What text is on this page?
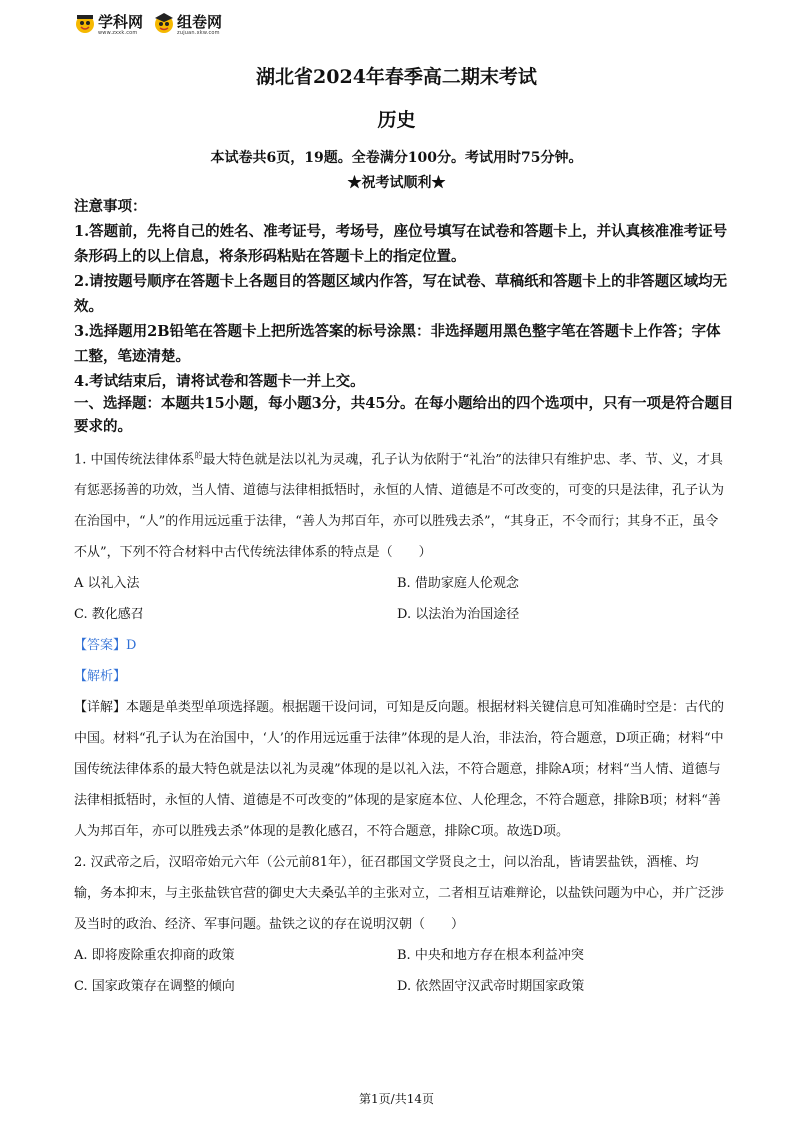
学科网
www.zxxk.com
组卷网
zujuan.xkw.com
湖北省2024年春季高二期末考试
历史
本试卷共6页，19题。全卷满分100分。考试用时75分钟。
★祝考试顺利★

注意事项：

1.答题前，先将自己的姓名、准考证号，考场号，座位号填写在试卷和答题卡上，并认真核准准考证号条形码上的以上信息，将条形码粘贴在答题卡上的指定位置。

2.请按题号顺序在答题卡上各题目的答题区域内作答，写在试卷、草稿纸和答题卡上的非答题区域均无效。

3.选择题用2B铅笔在答题卡上把所选答案的标号涂黑：非选择题用黑色整字笔在答题卡上作答；字体工整，笔迹清楚。

4.考试结束后，请将试卷和答题卡一并上交。

一、选择题：本题共15小题，每小题3分，共45分。在每小题给出的四个选项中，只有一项是符合题目要求的。

1. 中国传统法律体系$^的$最大特色就是法以礼为灵魂，孔子认为依附于“礼治”的法律只有维护忠、孝、节、义，才具有惩恶扬善的功效，当人情、道德与法律相抵牾时，永恒的人情、道德是不可改变的，可变的只是法律，孔子认为在治国中，“人”的作用远远重于法律，“善人为邦百年，亦可以胜残去杀”，“其身正，不令而行；其身不正，虽令不从”，下列不符合材料中古代传统法律体系的特点是（　　）

A 以礼入法	B. 借助家庭人伦观念
C. 教化感召	D. 以法治为治国途径

【答案】D

【解析】

【详解】本题是单类型单项选择题。根据题干设问词，可知是反向题。根据材料关键信息可知准确时空是：古代的中国。材料“孔子认为在治国中，‘人’的作用远远重于法律”体现的是人治，非法治，符合题意，D项正确；材料“中国传统法律体系的最大特色就是法以礼为灵魂”体现的是以礼入法，不符合题意，排除A项；材料“当人情、道德与法律相抵牾时，永恒的人情、道德是不可改变的”体现的是家庭本位、人伦理念，不符合题意，排除B项；材料“善人为邦百年，亦可以胜残去杀”体现的是教化感召，不符合题意，排除C项。故选D项。

2. 汉武帝之后，汉昭帝始元六年（公元前81年），征召郡国文学贤良之士，问以治乱，皆请罢盐铁，酒榷、均输，务本抑末，与主张盐铁官营的御史大夫桑弘羊的主张对立，二者相互诘难辩论，以盐铁问题为中心，并广泛涉及当时的政治、经济、军事问题。盐铁之议的存在说明汉朝（　　）

A. 即将废除重农抑商的政策	B. 中央和地方存在根本利益冲突
C. 国家政策存在调整的倾向	D. 依然固守汉武帝时期国家政策
第1页/共14页
